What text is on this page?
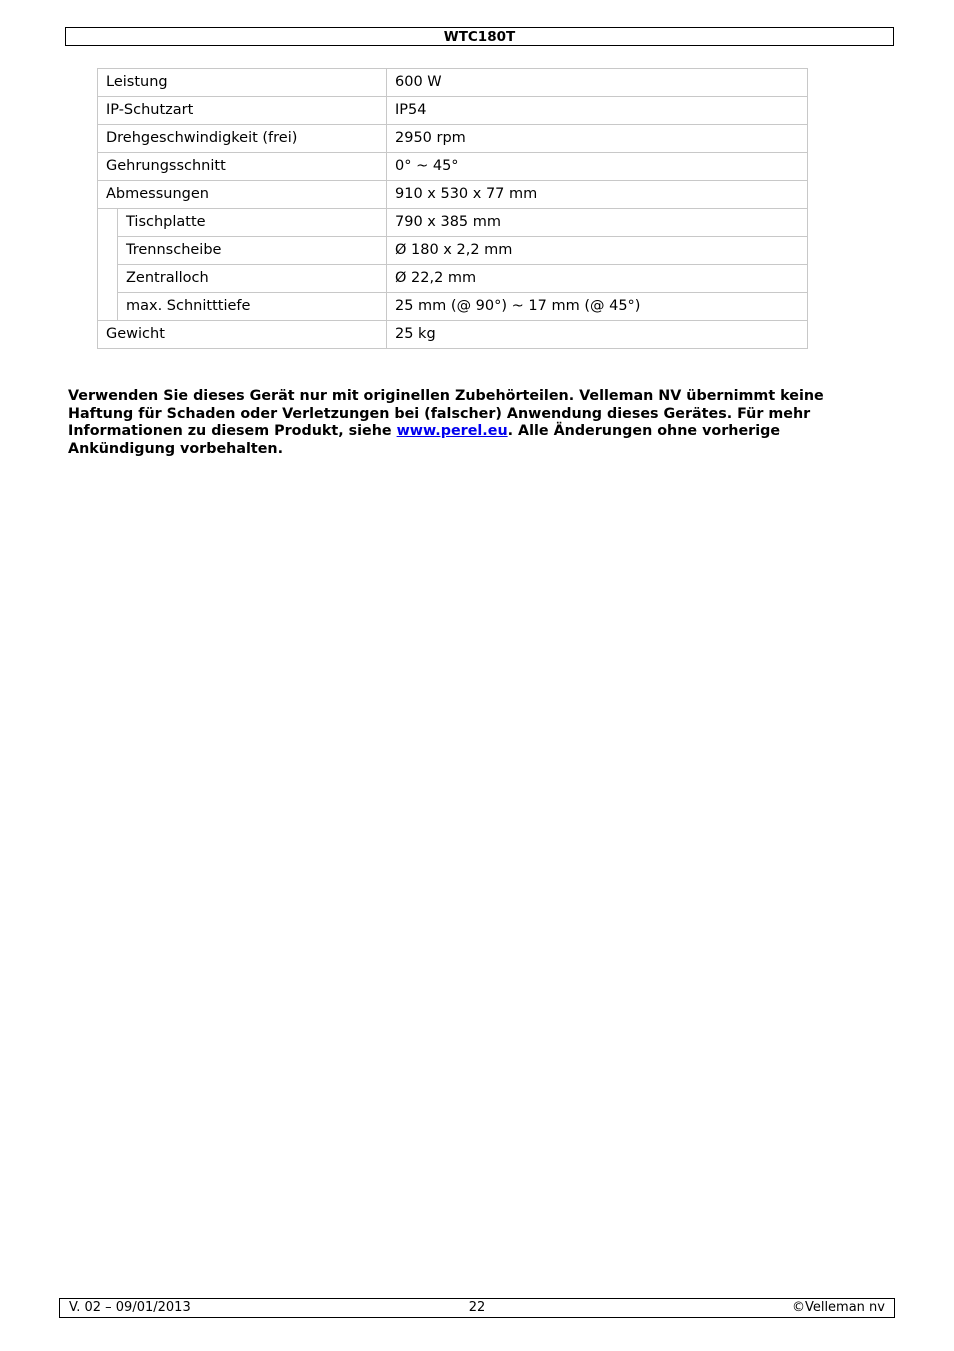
WTC180T
Leistung		600 W
IP-Schutzart		IP54
Drehgeschwindigkeit (frei)		2950 rpm
Gehrungsschnitt		0° ~ 45°
Abmessungen		910 x 530 x 77 mm
	Tischplatte	790 x 385 mm
	Trennscheibe	Ø 180 x 2,2 mm
	Zentralloch	Ø 22,2 mm
	max. Schnitttiefe	25 mm (@ 90°) ~ 17 mm (@ 45°)
Gewicht		25 kg

Verwenden Sie dieses Gerät nur mit originellen Zubehörteilen. Velleman NV übernimmt keine Haftung für Schaden oder Verletzungen bei (falscher) Anwendung dieses Gerätes. Für mehr Informationen zu diesem Produkt, siehe www.perel.eu. Alle Änderungen ohne vorherige Ankündigung vorbehalten.

V. 02 – 09/01/2013	22	©Velleman nv
